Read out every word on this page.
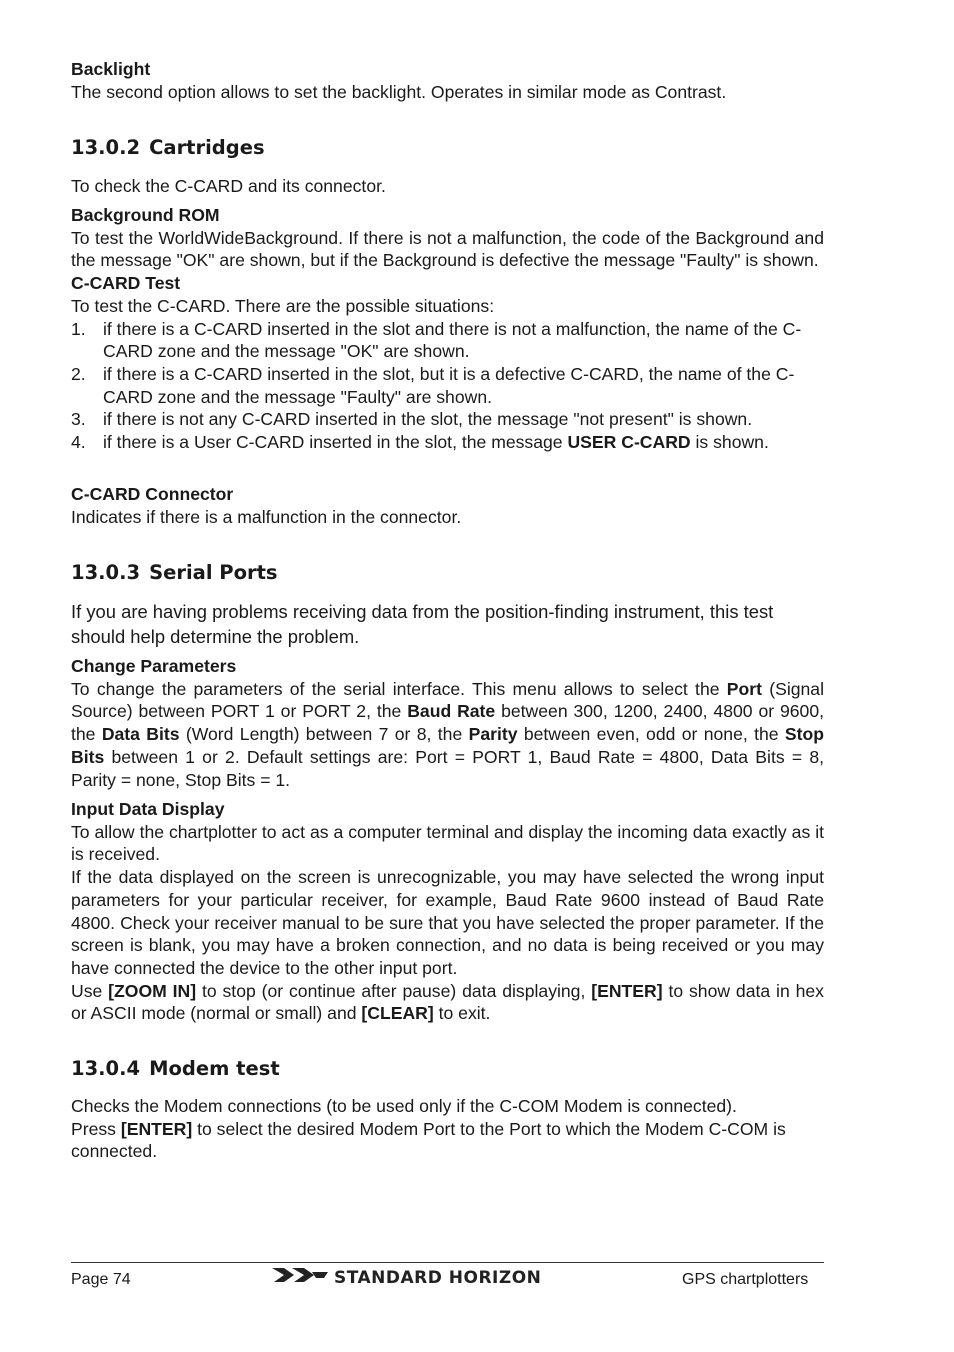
Backlight

The second option allows to set the backlight. Operates in similar mode as Contrast.

13.0.2 Cartridges

To check the C-CARD and its connector.

Background ROM

To test the WorldWideBackground. If there is not a malfunction, the code of the Background and the message "OK" are shown, but if the Background is defective the message "Faulty" is shown.

C-CARD Test

To test the C-CARD. There are the possible situations:

1. if there is a C-CARD inserted in the slot and there is not a malfunction, the name of the C-CARD zone and the message "OK" are shown.
2. if there is a C-CARD inserted in the slot, but it is a defective C-CARD, the name of the C-CARD zone and the message "Faulty" are shown.
3. if there is not any C-CARD inserted in the slot, the message "not present" is shown.
4. if there is a User C-CARD inserted in the slot, the message USER C-CARD is shown.

C-CARD Connector

Indicates if there is a malfunction in the connector.

13.0.3 Serial Ports

If you are having problems receiving data from the position-finding instrument, this test should help determine the problem.

Change Parameters

To change the parameters of the serial interface. This menu allows to select the Port (Signal Source) between PORT 1 or PORT 2, the Baud Rate between 300, 1200, 2400, 4800 or 9600, the Data Bits (Word Length) between 7 or 8, the Parity between even, odd or none, the Stop Bits between 1 or 2. Default settings are: Port = PORT 1, Baud Rate = 4800, Data Bits = 8, Parity = none, Stop Bits = 1.

Input Data Display

To allow the chartplotter to act as a computer terminal and display the incoming data exactly as it is received.

If the data displayed on the screen is unrecognizable, you may have selected the wrong input parameters for your particular receiver, for example, Baud Rate 9600 instead of Baud Rate 4800. Check your receiver manual to be sure that you have selected the proper parameter. If the screen is blank, you may have a broken connection, and no data is being received or you may have connected the device to the other input port.

Use [ZOOM IN] to stop (or continue after pause) data displaying, [ENTER] to show data in hex or ASCII mode (normal or small) and [CLEAR] to exit.

13.0.4 Modem test

Checks the Modem connections (to be used only if the C-COM Modem is connected).

Press [ENTER] to select the desired Modem Port to the Port to which the Modem C-COM is connected.

Page 74	STANDARD HORIZON	GPS chartplotters
